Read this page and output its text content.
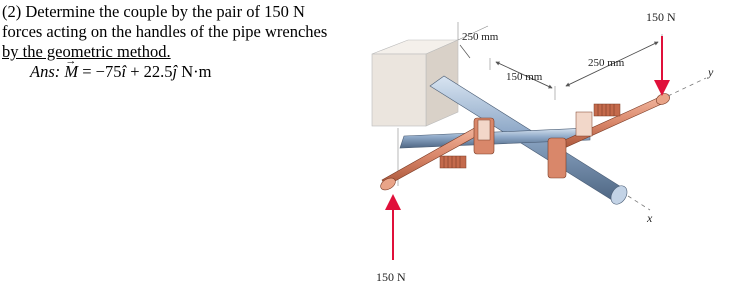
(2) Determine the couple by the pair of 150 N
forces acting on the handles of the pipe wrenches
by the geometric method.
Ans: → M = −75î + 22.5ĵ N·m	y
x
150 N
150 N
250 mm
150 mm
250 mm
